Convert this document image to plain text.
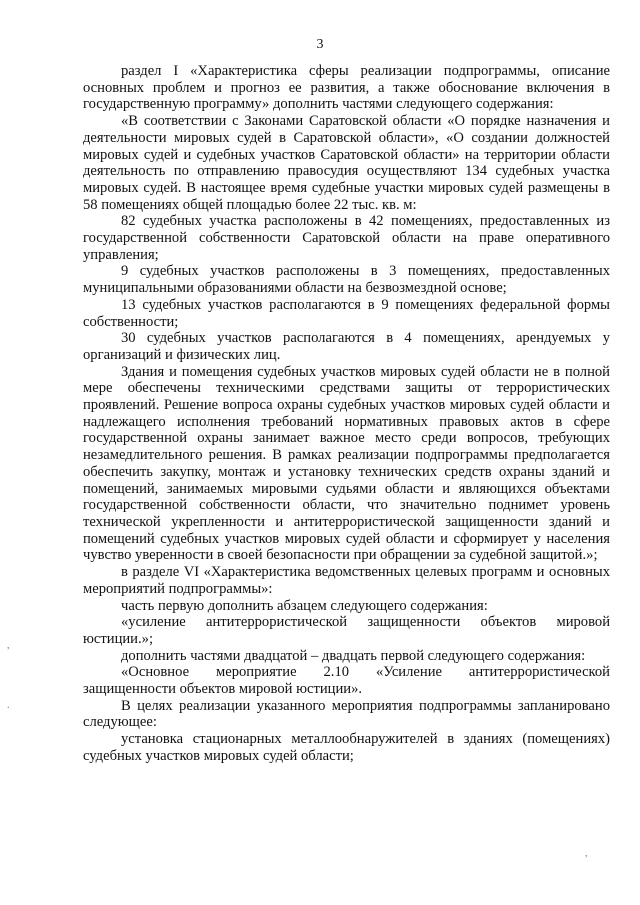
3

раздел I «Характеристика сферы реализации подпрограммы, описание основных проблем и прогноз ее развития, а также обоснование включения в государственную программу» дополнить частями следующего содержания:

«В соответствии с Законами Саратовской области «О порядке назначения и деятельности мировых судей в Саратовской области», «О создании должностей мировых судей и судебных участков Саратовской области» на территории области деятельность по отправлению правосудия осуществляют 134 судебных участка мировых судей. В настоящее время судебные участки мировых судей размещены в 58 помещениях общей площадью более 22 тыс. кв. м:

82 судебных участка расположены в 42 помещениях, предоставленных из государственной собственности Саратовской области на праве оперативного управления;

9 судебных участков расположены в 3 помещениях, предоставленных муниципальными образованиями области на безвозмездной основе;

13 судебных участков располагаются в 9 помещениях федеральной формы собственности;

30 судебных участков располагаются в 4 помещениях, арендуемых у организаций и физических лиц.

Здания и помещения судебных участков мировых судей области не в полной мере обеспечены техническими средствами защиты от террористических проявлений. Решение вопроса охраны судебных участков мировых судей области и надлежащего исполнения требований нормативных правовых актов в сфере государственной охраны занимает важное место среди вопросов, требующих незамедлительного решения. В рамках реализации подпрограммы предполагается обеспечить закупку, монтаж и установку технических средств охраны зданий и помещений, занимаемых мировыми судьями области и являющихся объектами государственной собственности области, что значительно поднимет уровень технической укрепленности и антитеррористической защищенности зданий и помещений судебных участков мировых судей области и сформирует у населения чувство уверенности в своей безопасности при обращении за судебной защитой.»;

в разделе VI «Характеристика ведомственных целевых программ и основных мероприятий подпрограммы»:

часть первую дополнить абзацем следующего содержания:

«усиление антитеррористической защищенности объектов мировой юстиции.»;

дополнить частями двадцатой – двадцать первой следующего содержания:

«Основное мероприятие 2.10 «Усиление антитеррористической защищенности объектов мировой юстиции».

В целях реализации указанного мероприятия подпрограммы запланировано следующее:

установка стационарных металлообнаружителей в зданиях (помещениях) судебных участков мировых судей области;

,
.
,
